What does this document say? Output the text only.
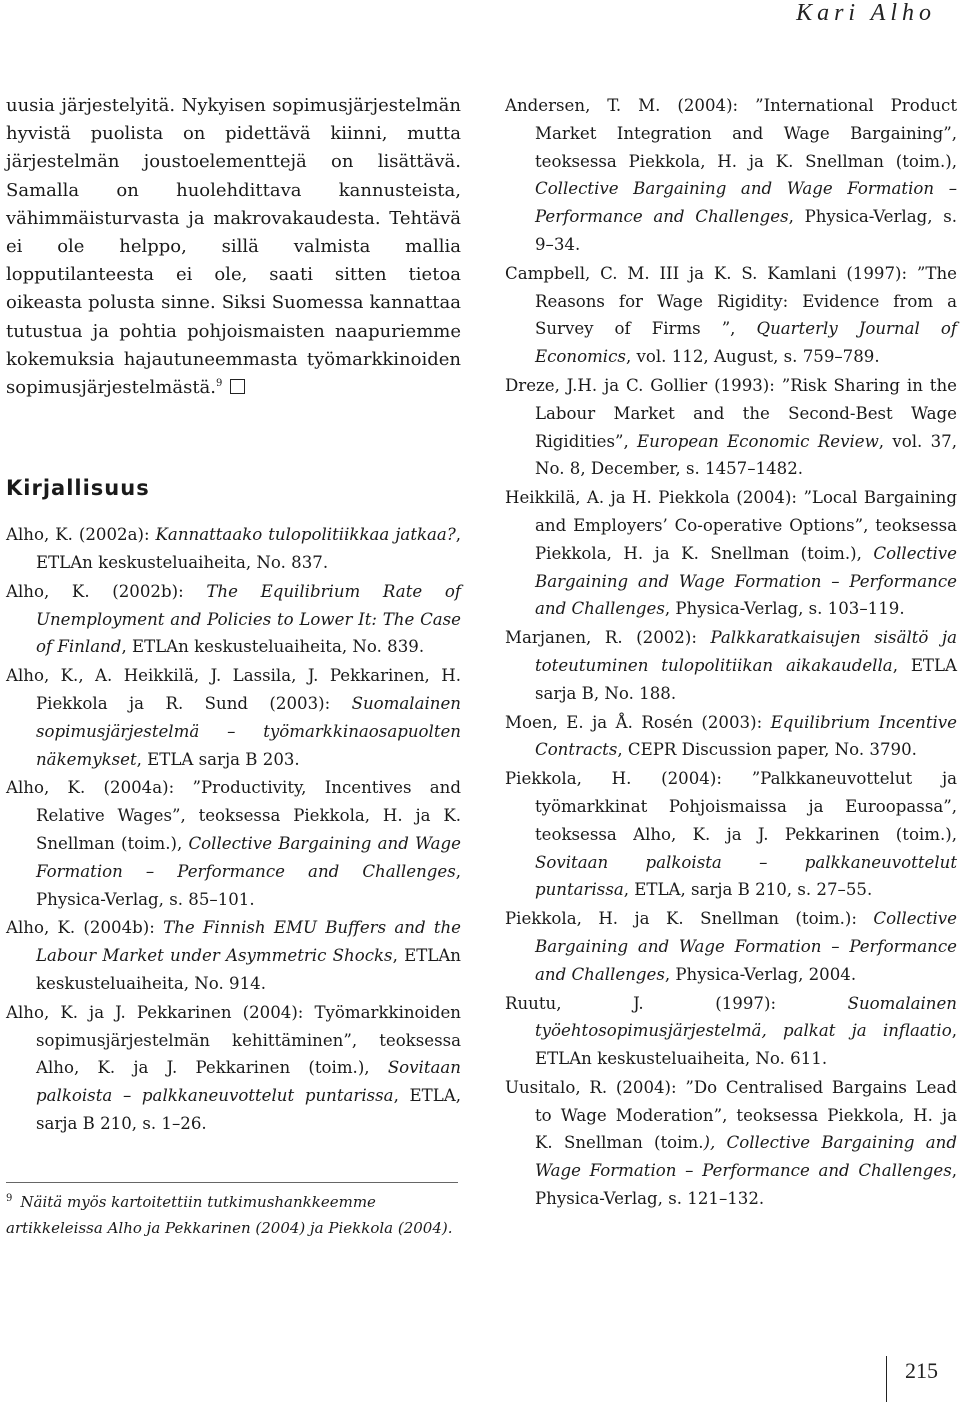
Kari Alho

uusia järjestelyitä. Nykyisen sopimusjärjestelmän hyvistä puolista on pidettävä kiinni, mutta järjestelmän joustoelementtejä on lisättävä. Samalla on huolehdittava kannusteista, vähimmäisturvasta ja makrovakaudesta. Tehtävä ei ole helppo, sillä valmista mallia lopputilanteesta ei ole, saati sitten tietoa oikeasta polusta sinne. Siksi Suomessa kannattaa tutustua ja pohtia pohjoismaisten naapuriemme kokemuksia hajautuneemmasta työmarkkinoiden sopimusjärjestelmästä.$^9$

Kirjallisuus
Alho, K. (2002a): Kannattaako tulopolitiikkaa jatkaa?, ETLAn keskusteluaiheita, No. 837.
Alho, K. (2002b): The Equilibrium Rate of Unemployment and Policies to Lower It: The Case of Finland, ETLAn keskusteluaiheita, No. 839.
Alho, K., A. Heikkilä, J. Lassila, J. Pekkarinen, H. Piekkola ja R. Sund (2003): Suomalainen sopimusjärjestelmä – työmarkkinaosapuolten näkemykset, ETLA sarja B 203.
Alho, K. (2004a): ”Productivity, Incentives and Relative Wages”, teoksessa Piekkola, H. ja K. Snellman (toim.), Collective Bargaining and Wage Formation – Performance and Challenges, Physica-Verlag, s. 85–101.
Alho, K. (2004b): The Finnish EMU Buffers and the Labour Market under Asymmetric Shocks, ETLAn keskusteluaiheita, No. 914.
Alho, K. ja J. Pekkarinen (2004): Työmarkkinoiden sopimusjärjestelmän kehittäminen”, teoksessa Alho, K. ja J. Pekkarinen (toim.), Sovitaan palkoista – palkkaneuvottelut puntarissa, ETLA, sarja B 210, s. 1–26.
Andersen, T. M. (2004): ”International Product Market Integration and Wage Bargaining”, teoksessa Piekkola, H. ja K. Snellman (toim.), Collective Bargaining and Wage Formation – Performance and Challenges, Physica-Verlag, s. 9–34.
Campbell, C. M. III ja K. S. Kamlani (1997): ”The Reasons for Wage Rigidity: Evidence from a Survey of Firms ”, Quarterly Journal of Economics, vol. 112, August, s. 759–789.
Dreze, J.H. ja C. Gollier (1993): ”Risk Sharing in the Labour Market and the Second-Best Wage Rigidities”, European Economic Review, vol. 37, No. 8, December, s. 1457–1482.
Heikkilä, A. ja H. Piekkola (2004): ”Local Bargaining and Employers’ Co-operative Options”, teoksessa Piekkola, H. ja K. Snellman (toim.), Collective Bargaining and Wage Formation – Performance and Challenges, Physica-Verlag, s. 103–119.
Marjanen, R. (2002): Palkkaratkaisujen sisältö ja toteutuminen tulopolitiikan aikakaudella, ETLA sarja B, No. 188.
Moen, E. ja Å. Rosén (2003): Equilibrium Incentive Contracts, CEPR Discussion paper, No. 3790.
Piekkola, H. (2004): ”Palkkaneuvottelut ja työmarkkinat Pohjoismaissa ja Euroopassa”, teoksessa Alho, K. ja J. Pekkarinen (toim.), Sovitaan palkoista – palkkaneuvottelut puntarissa, ETLA, sarja B 210, s. 27–55.
Piekkola, H. ja K. Snellman (toim.): Collective Bargaining and Wage Formation – Performance and Challenges, Physica-Verlag, 2004.
Ruutu, J. (1997): Suomalainen työehtosopimusjärjestelmä, palkat ja inflaatio, ETLAn keskusteluaiheita, No. 611.
Uusitalo, R. (2004): ”Do Centralised Bargains Lead to Wage Moderation”, teoksessa Piekkola, H. ja K. Snellman (toim.), Collective Bargaining and Wage Formation – Performance and Challenges, Physica-Verlag, s. 121–132.

$^9$ Näitä myös kartoitettiin tutkimushankkeemme artikkeleissa Alho ja Pekkarinen (2004) ja Piekkola (2004).

215
